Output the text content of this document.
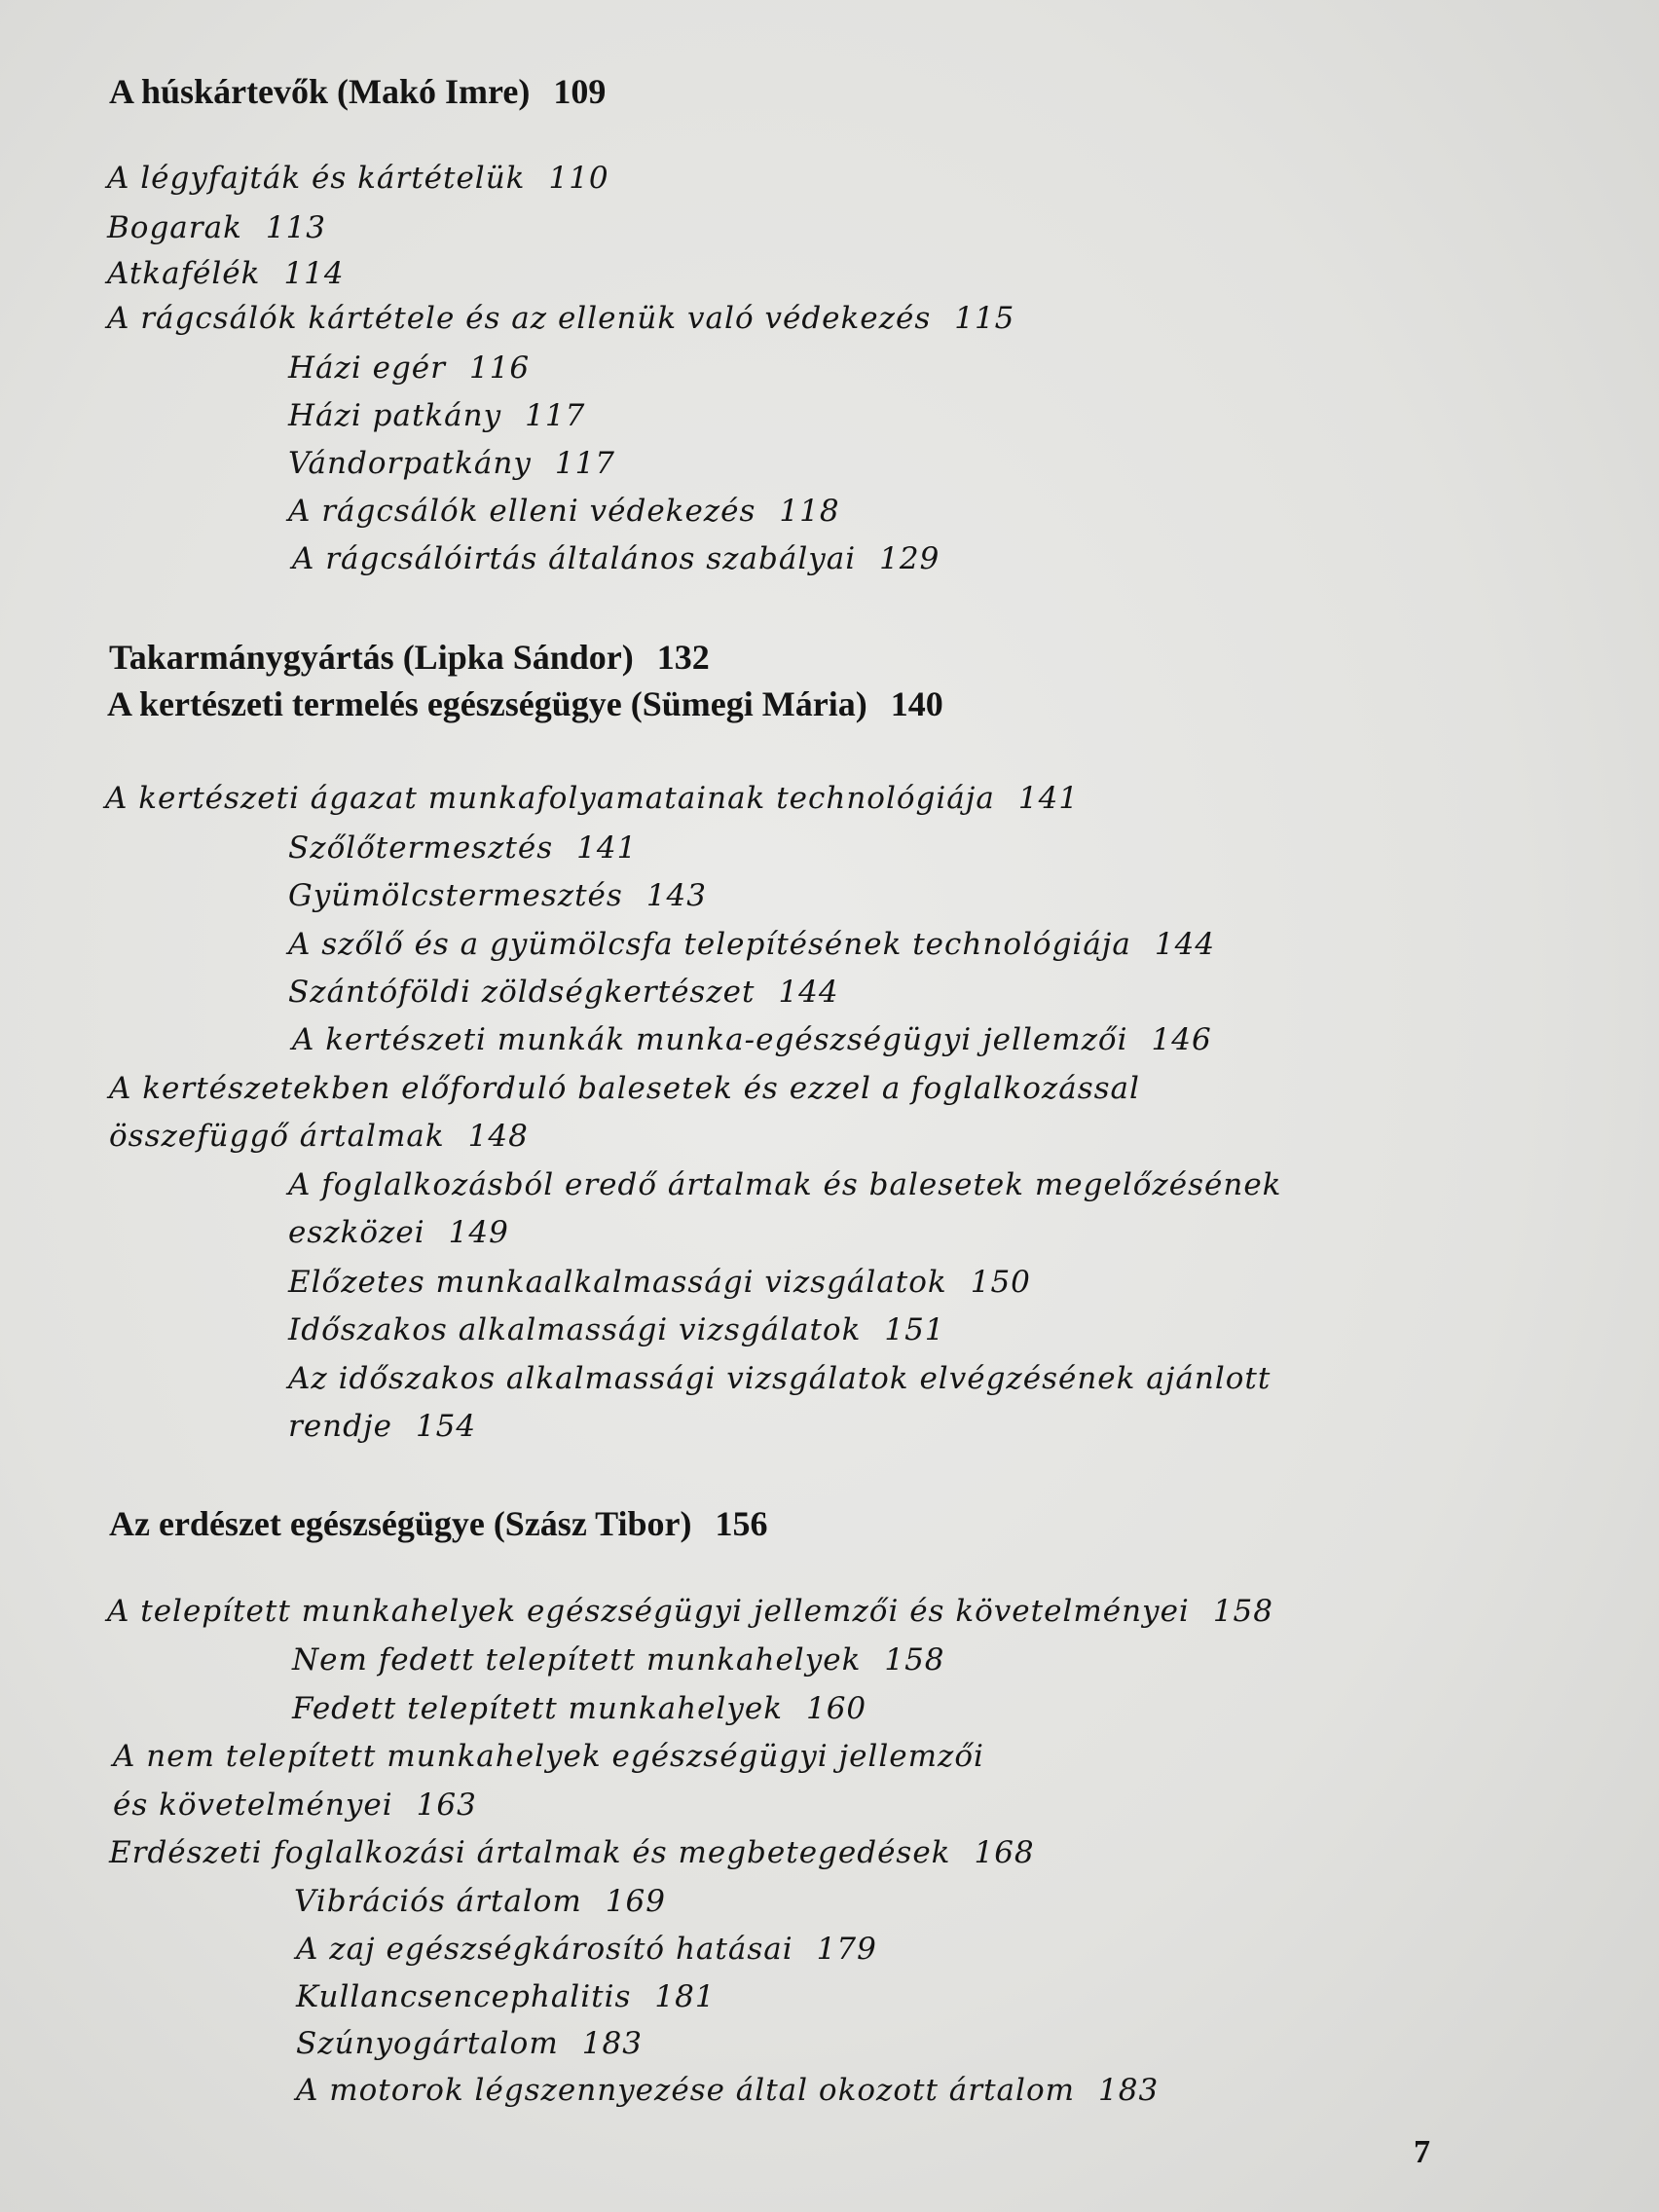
A húskártevők (Makó Imre) 109
A légyfajták és kártételük 110
Bogarak 113
Atkafélék 114
A rágcsálók kártétele és az ellenük való védekezés 115
Házi egér 116
Házi patkány 117
Vándorpatkány 117
A rágcsálók elleni védekezés 118
A rágcsálóirtás általános szabályai 129
Takarmánygyártás (Lipka Sándor) 132
A kertészeti termelés egészségügye (Sümegi Mária) 140
A kertészeti ágazat munkafolyamatainak technológiája 141
Szőlőtermesztés 141
Gyümölcstermesztés 143
A szőlő és a gyümölcsfa telepítésének technológiája 144
Szántóföldi zöldségkertészet 144
A kertészeti munkák munka-egészségügyi jellemzői 146
A kertészetekben előforduló balesetek és ezzel a foglalkozással
összefüggő ártalmak 148
A foglalkozásból eredő ártalmak és balesetek megelőzésének
eszközei 149
Előzetes munkaalkalmassági vizsgálatok 150
Időszakos alkalmassági vizsgálatok 151
Az időszakos alkalmassági vizsgálatok elvégzésének ajánlott
rendje 154
Az erdészet egészségügye (Szász Tibor) 156
A telepített munkahelyek egészségügyi jellemzői és követelményei 158
Nem fedett telepített munkahelyek 158
Fedett telepített munkahelyek 160
A nem telepített munkahelyek egészségügyi jellemzői
és követelményei 163
Erdészeti foglalkozási ártalmak és megbetegedések 168
Vibrációs ártalom 169
A zaj egészségkárosító hatásai 179
Kullancsencephalitis 181
Szúnyogártalom 183
A motorok légszennyezése által okozott ártalom 183
7
